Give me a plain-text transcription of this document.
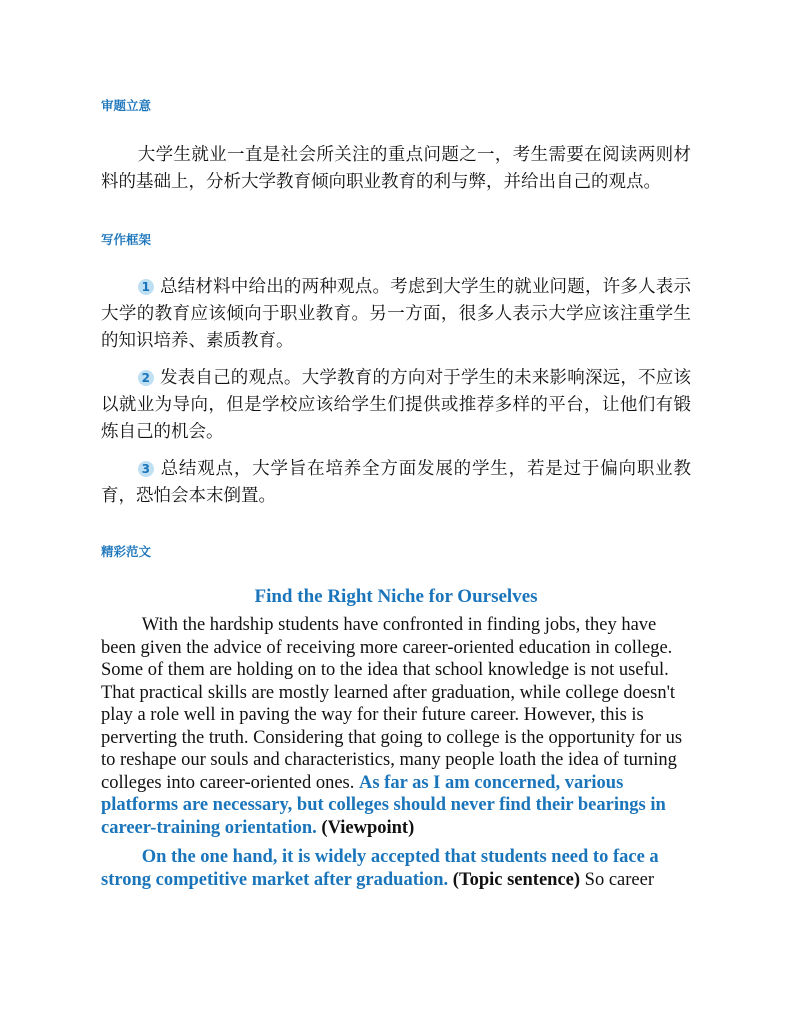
审题立意

大学生就业一直是社会所关注的重点问题之一，考生需要在阅读两则材料的基础上，分析大学教育倾向职业教育的利与弊，并给出自己的观点。

写作框架

1 总结材料中给出的两种观点。考虑到大学生的就业问题，许多人表示大学的教育应该倾向于职业教育。另一方面，很多人表示大学应该注重学生的知识培养、素质教育。

2 发表自己的观点。大学教育的方向对于学生的未来影响深远，不应该以就业为导向，但是学校应该给学生们提供或推荐多样的平台，让他们有锻炼自己的机会。

3 总结观点，大学旨在培养全方面发展的学生，若是过于偏向职业教育，恐怕会本末倒置。

精彩范文
Find the Right Niche for Ourselves

With the hardship students have confronted in finding jobs, they have been given the advice of receiving more career-oriented education in college. Some of them are holding on to the idea that school knowledge is not useful. That practical skills are mostly learned after graduation, while college doesn't play a role well in paving the way for their future career. However, this is perverting the truth. Considering that going to college is the opportunity for us to reshape our souls and characteristics, many people loath the idea of turning colleges into career-oriented ones. As far as I am concerned, various platforms are necessary, but colleges should never find their bearings in career-training orientation. (Viewpoint)

On the one hand, it is widely accepted that students need to face a strong competitive market after graduation. (Topic sentence) So career
